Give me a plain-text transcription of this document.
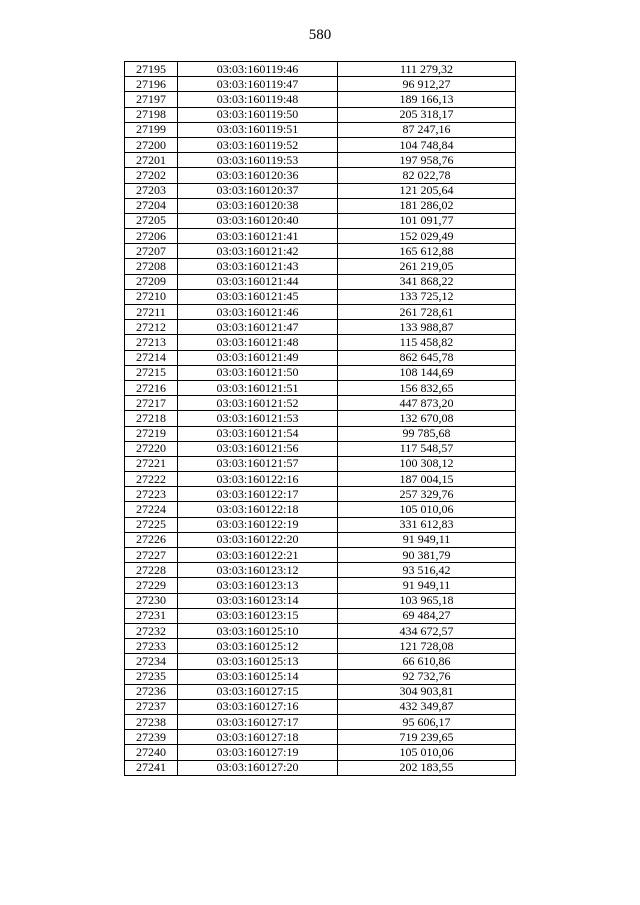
580
27195	03:03:160119:46	111 279,32
27196	03:03:160119:47	96 912,27
27197	03:03:160119:48	189 166,13
27198	03:03:160119:50	205 318,17
27199	03:03:160119:51	87 247,16
27200	03:03:160119:52	104 748,84
27201	03:03:160119:53	197 958,76
27202	03:03:160120:36	82 022,78
27203	03:03:160120:37	121 205,64
27204	03:03:160120:38	181 286,02
27205	03:03:160120:40	101 091,77
27206	03:03:160121:41	152 029,49
27207	03:03:160121:42	165 612,88
27208	03:03:160121:43	261 219,05
27209	03:03:160121:44	341 868,22
27210	03:03:160121:45	133 725,12
27211	03:03:160121:46	261 728,61
27212	03:03:160121:47	133 988,87
27213	03:03:160121:48	115 458,82
27214	03:03:160121:49	862 645,78
27215	03:03:160121:50	108 144,69
27216	03:03:160121:51	156 832,65
27217	03:03:160121:52	447 873,20
27218	03:03:160121:53	132 670,08
27219	03:03:160121:54	99 785,68
27220	03:03:160121:56	117 548,57
27221	03:03:160121:57	100 308,12
27222	03:03:160122:16	187 004,15
27223	03:03:160122:17	257 329,76
27224	03:03:160122:18	105 010,06
27225	03:03:160122:19	331 612,83
27226	03:03:160122:20	91 949,11
27227	03:03:160122:21	90 381,79
27228	03:03:160123:12	93 516,42
27229	03:03:160123:13	91 949,11
27230	03:03:160123:14	103 965,18
27231	03:03:160123:15	69 484,27
27232	03:03:160125:10	434 672,57
27233	03:03:160125:12	121 728,08
27234	03:03:160125:13	66 610,86
27235	03:03:160125:14	92 732,76
27236	03:03:160127:15	304 903,81
27237	03:03:160127:16	432 349,87
27238	03:03:160127:17	95 606,17
27239	03:03:160127:18	719 239,65
27240	03:03:160127:19	105 010,06
27241	03:03:160127:20	202 183,55
